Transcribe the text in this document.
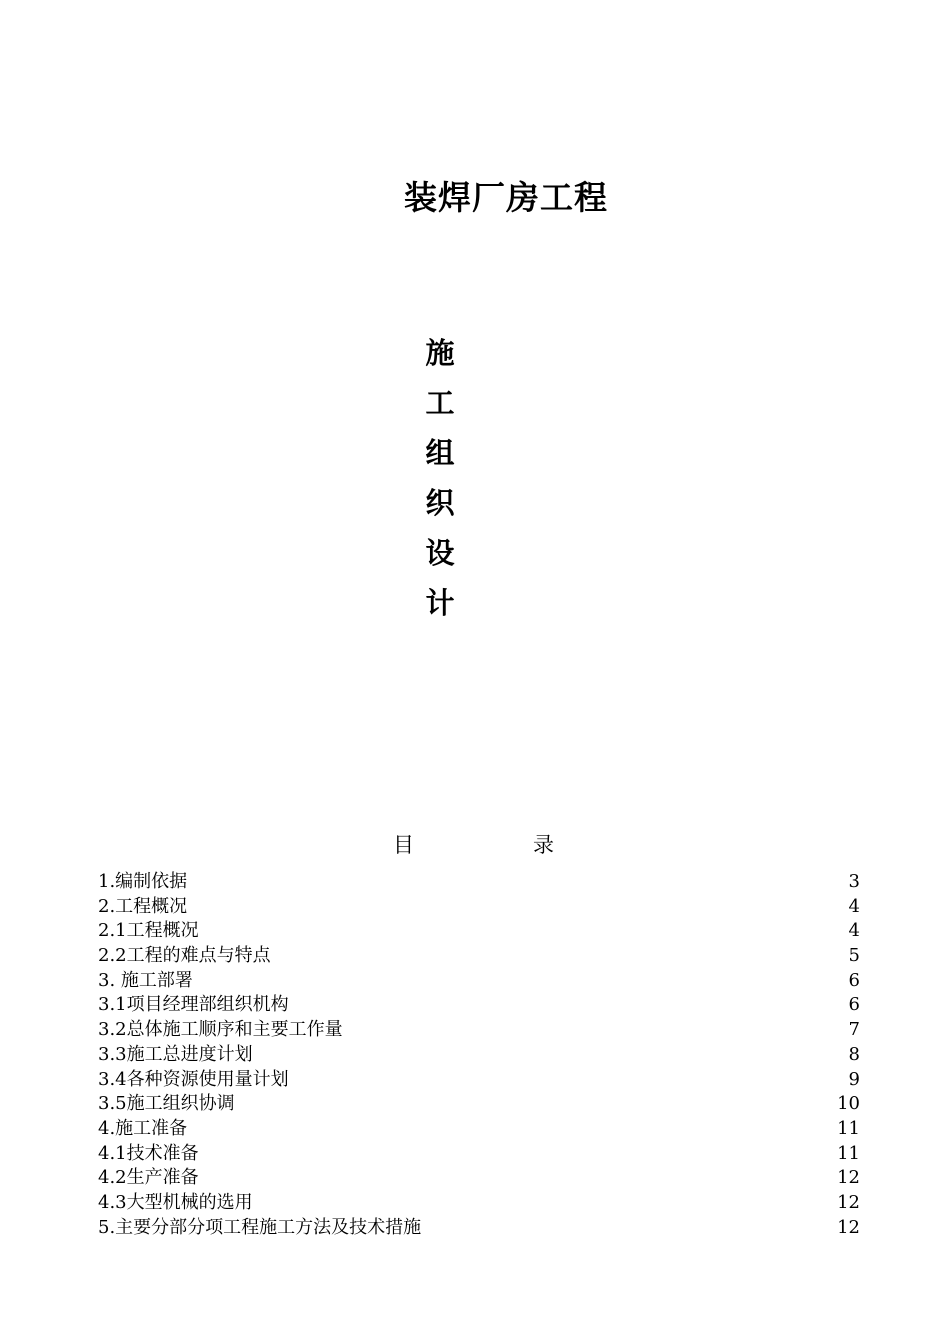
装焊厂房工程
施
工
组
织
设
计
目	录
1.编制依据	3
2.工程概况	4
2.1工程概况	4
2.2工程的难点与特点	5
3. 施工部署	6
3.1项目经理部组织机构	6
3.2总体施工顺序和主要工作量	7
3.3施工总进度计划	8
3.4各种资源使用量计划	9
3.5施工组织协调	10
4.施工准备	11
4.1技术准备	11
4.2生产准备	12
4.3大型机械的选用	12
5.主要分部分项工程施工方法及技术措施	12
